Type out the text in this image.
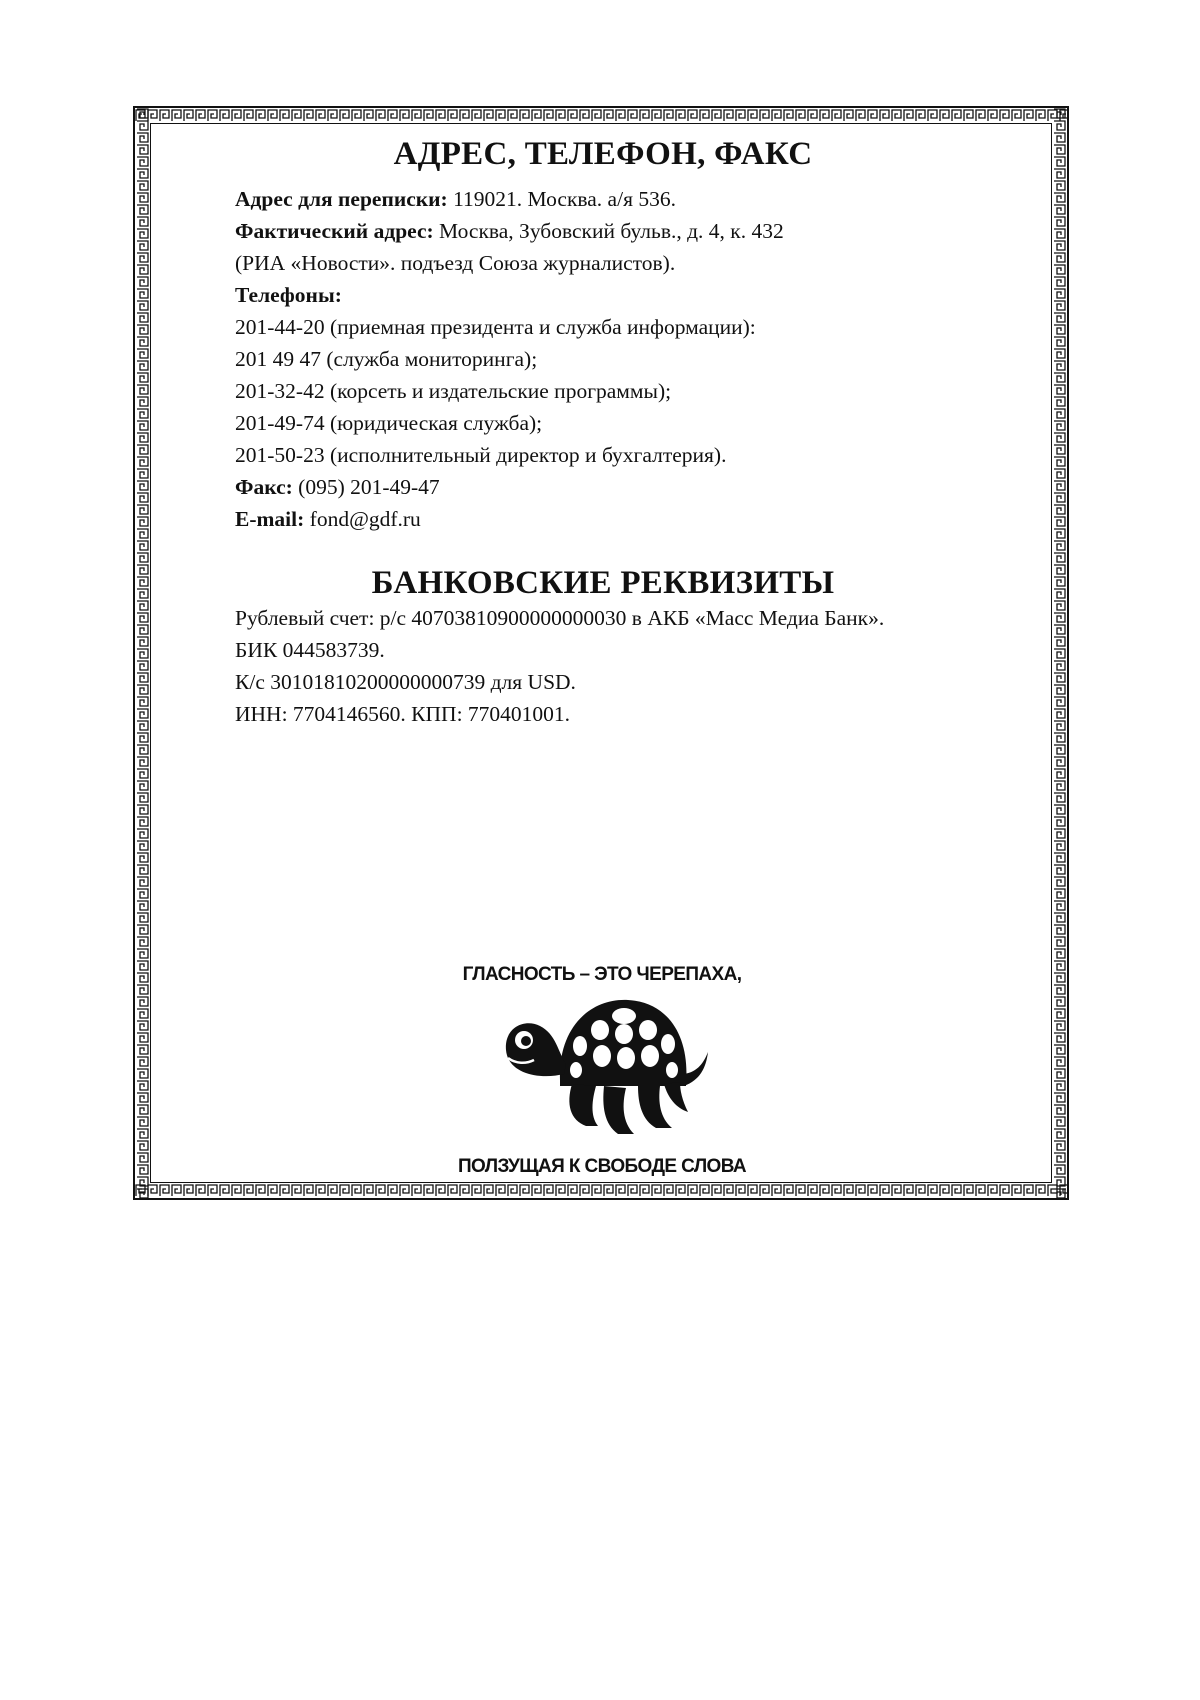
АДРЕС, ТЕЛЕФОН, ФАКС
Адрес для переписки: 119021. Москва. а/я 536.
Фактический адрес: Москва, Зубовский бульв., д. 4, к. 432
(РИА «Новости». подъезд Союза журналистов).
Телефоны:
201-44-20 (приемная президента и служба информации):
201 49 47 (служба мониторинга);
201-32-42 (корсеть и издательские программы);
201-49-74 (юридическая служба);
201-50-23 (исполнительный директор и бухгалтерия).
Факс: (095) 201-49-47
E-mail: fond@gdf.ru
БАНКОВСКИЕ РЕКВИЗИТЫ
Рублевый счет: р/с 40703810900000000030 в АКБ «Масс Медиа Банк».
БИК 044583739.
К/с 30101810200000000739 для USD.
ИНН: 7704146560. КПП: 770401001.
ГЛАСНОСТЬ – ЭТО ЧЕРЕПАХА,
ПОЛЗУЩАЯ К СВОБОДЕ СЛОВА
